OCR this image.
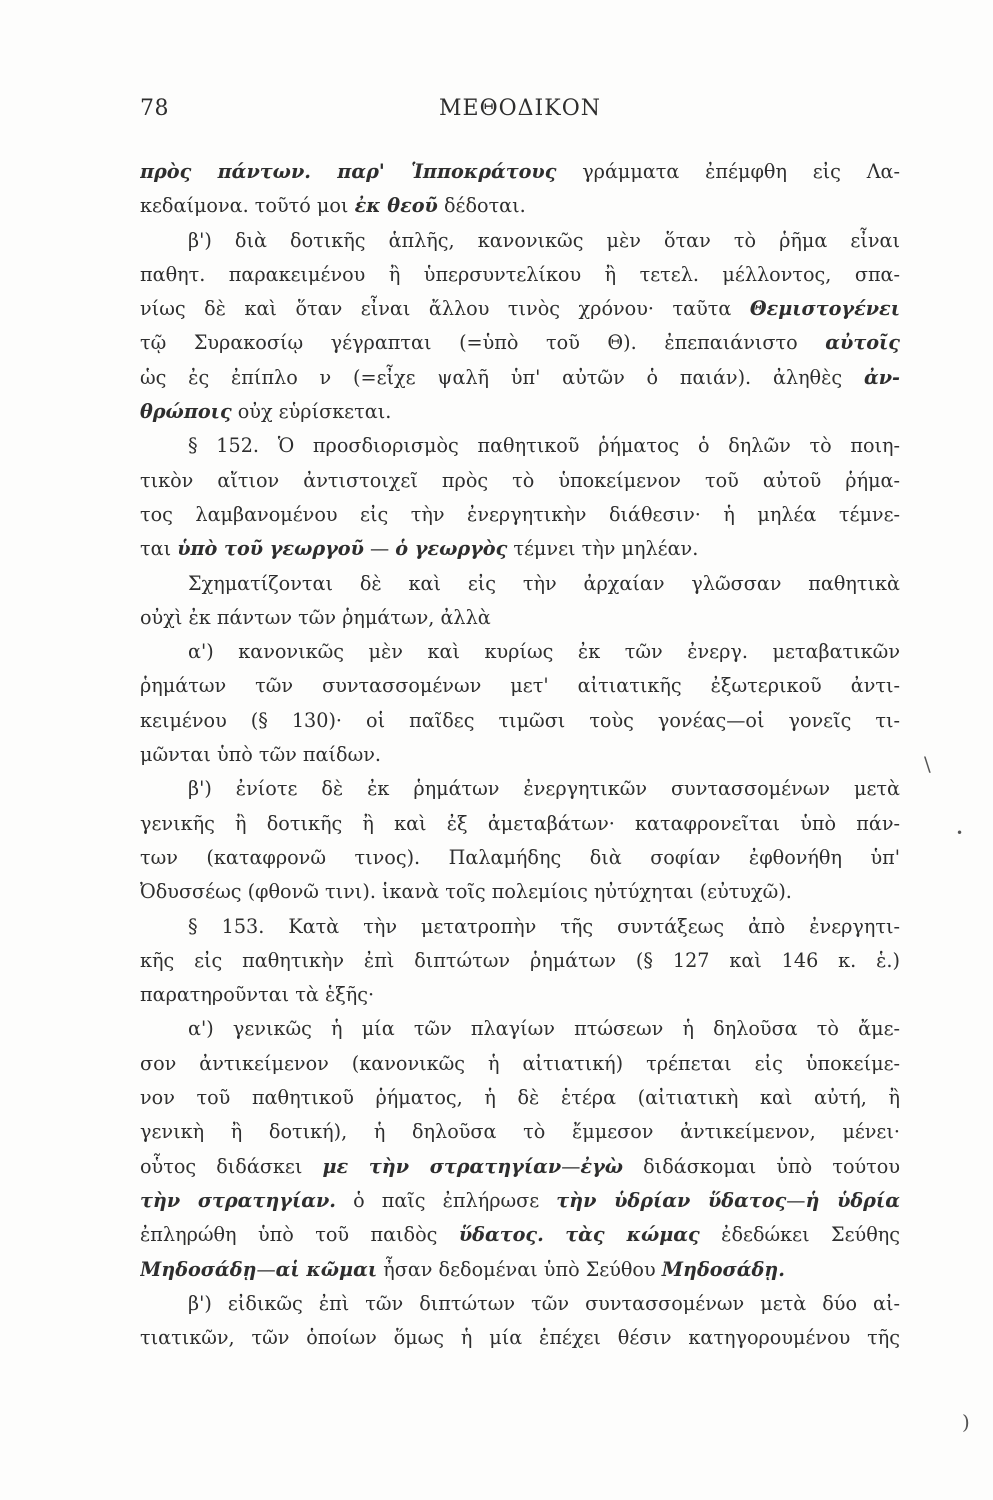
78	ΜΕΘΟΔΙΚΟΝ
πρὸς πάντων. παρ' Ἱπποκράτους γράμματα ἐπέμφθη εἰς Λα-
κεδαίμονα. τοῦτό μοι ἐκ θεοῦ δέδοται.
β') διὰ δοτικῆς ἁπλῆς, κανονικῶς μὲν ὅταν τὸ ῥῆμα εἶναι
παθητ. παρακειμένου ἢ ὑπερσυντελίκου ἢ τετελ. μέλλοντος, σπα-
νίως δὲ καὶ ὅταν εἶναι ἄλλου τινὸς χρόνου· ταῦτα Θεμιστογένει
τῷ Συρακοσίῳ γέγραπται (=ὑπὸ τοῦ Θ). ἐπεπαιάνιστο αὐτοῖς
ὡς ἐς ἐπίπλο ν (=εἶχε ψαλῆ ὑπ' αὐτῶν ὁ παιάν). ἀληθὲς ἀν-
θρώποις οὐχ εὑρίσκεται.
§ 152. Ὁ προσδιορισμὸς παθητικοῦ ῥήματος ὁ δηλῶν τὸ ποιη-
τικὸν αἴτιον ἀντιστοιχεῖ πρὸς τὸ ὑποκείμενον τοῦ αὐτοῦ ῥήμα-
τος λαμβανομένου εἰς τὴν ἐνεργητικὴν διάθεσιν· ἡ μηλέα τέμνε-
ται ὑπὸ τοῦ γεωργοῦ — ὁ γεωργὸς τέμνει τὴν μηλέαν.
Σχηματίζονται δὲ καὶ εἰς τὴν ἀρχαίαν γλῶσσαν παθητικὰ
οὐχὶ ἐκ πάντων τῶν ῥημάτων, ἀλλὰ
α') κανονικῶς μὲν καὶ κυρίως ἐκ τῶν ἐνεργ. μεταβατικῶν
ῥημάτων τῶν συντασσομένων μετ' αἰτιατικῆς ἐξωτερικοῦ ἀντι-
κειμένου (§ 130)· οἱ παῖδες τιμῶσι τοὺς γονέας—οἱ γονεῖς τι-
μῶνται ὑπὸ τῶν παίδων.
β') ἐνίοτε δὲ ἐκ ῥημάτων ἐνεργητικῶν συντασσομένων μετὰ
γενικῆς ἢ δοτικῆς ἢ καὶ ἐξ ἀμεταβάτων· καταφρονεῖται ὑπὸ πάν-
των (καταφρονῶ τινος). Παλαμήδης διὰ σοφίαν ἐφθονήθη ὑπ'
Ὀδυσσέως (φθονῶ τινι). ἱκανὰ τοῖς πολεμίοις ηὐτύχηται (εὐτυχῶ).
§ 153. Κατὰ τὴν μετατροπὴν τῆς συντάξεως ἀπὸ ἐνεργητι-
κῆς εἰς παθητικὴν ἐπὶ διπτώτων ῥημάτων (§ 127 καὶ 146 κ. ἑ.)
παρατηροῦνται τὰ ἑξῆς·
α') γενικῶς ἡ μία τῶν πλαγίων πτώσεων ἡ δηλοῦσα τὸ ἄμε-
σον ἀντικείμενον (κανονικῶς ἡ αἰτιατική) τρέπεται εἰς ὑποκείμε-
νον τοῦ παθητικοῦ ῥήματος, ἡ δὲ ἑτέρα (αἰτιατικὴ καὶ αὐτή, ἢ
γενικὴ ἢ δοτική), ἡ δηλοῦσα τὸ ἔμμεσον ἀντικείμενον, μένει·
οὗτος διδάσκει με τὴν στρατηγίαν—ἐγὼ διδάσκομαι ὑπὸ τούτου
τὴν στρατηγίαν. ὁ παῖς ἐπλήρωσε τὴν ὑδρίαν ὕδατος—ἡ ὑδρία
ἐπληρώθη ὑπὸ τοῦ παιδὸς ὕδατος. τὰς κώμας ἐδεδώκει Σεύθης
Μηδοσάδῃ—αἱ κῶμαι ἦσαν δεδομέναι ὑπὸ Σεύθου Μηδοσάδῃ.
β') εἰδικῶς ἐπὶ τῶν διπτώτων τῶν συντασσομένων μετὰ δύο αἰ-
τιατικῶν, τῶν ὁποίων ὅμως ἡ μία ἐπέχει θέσιν κατηγορουμένου τῆς
\
•
)
